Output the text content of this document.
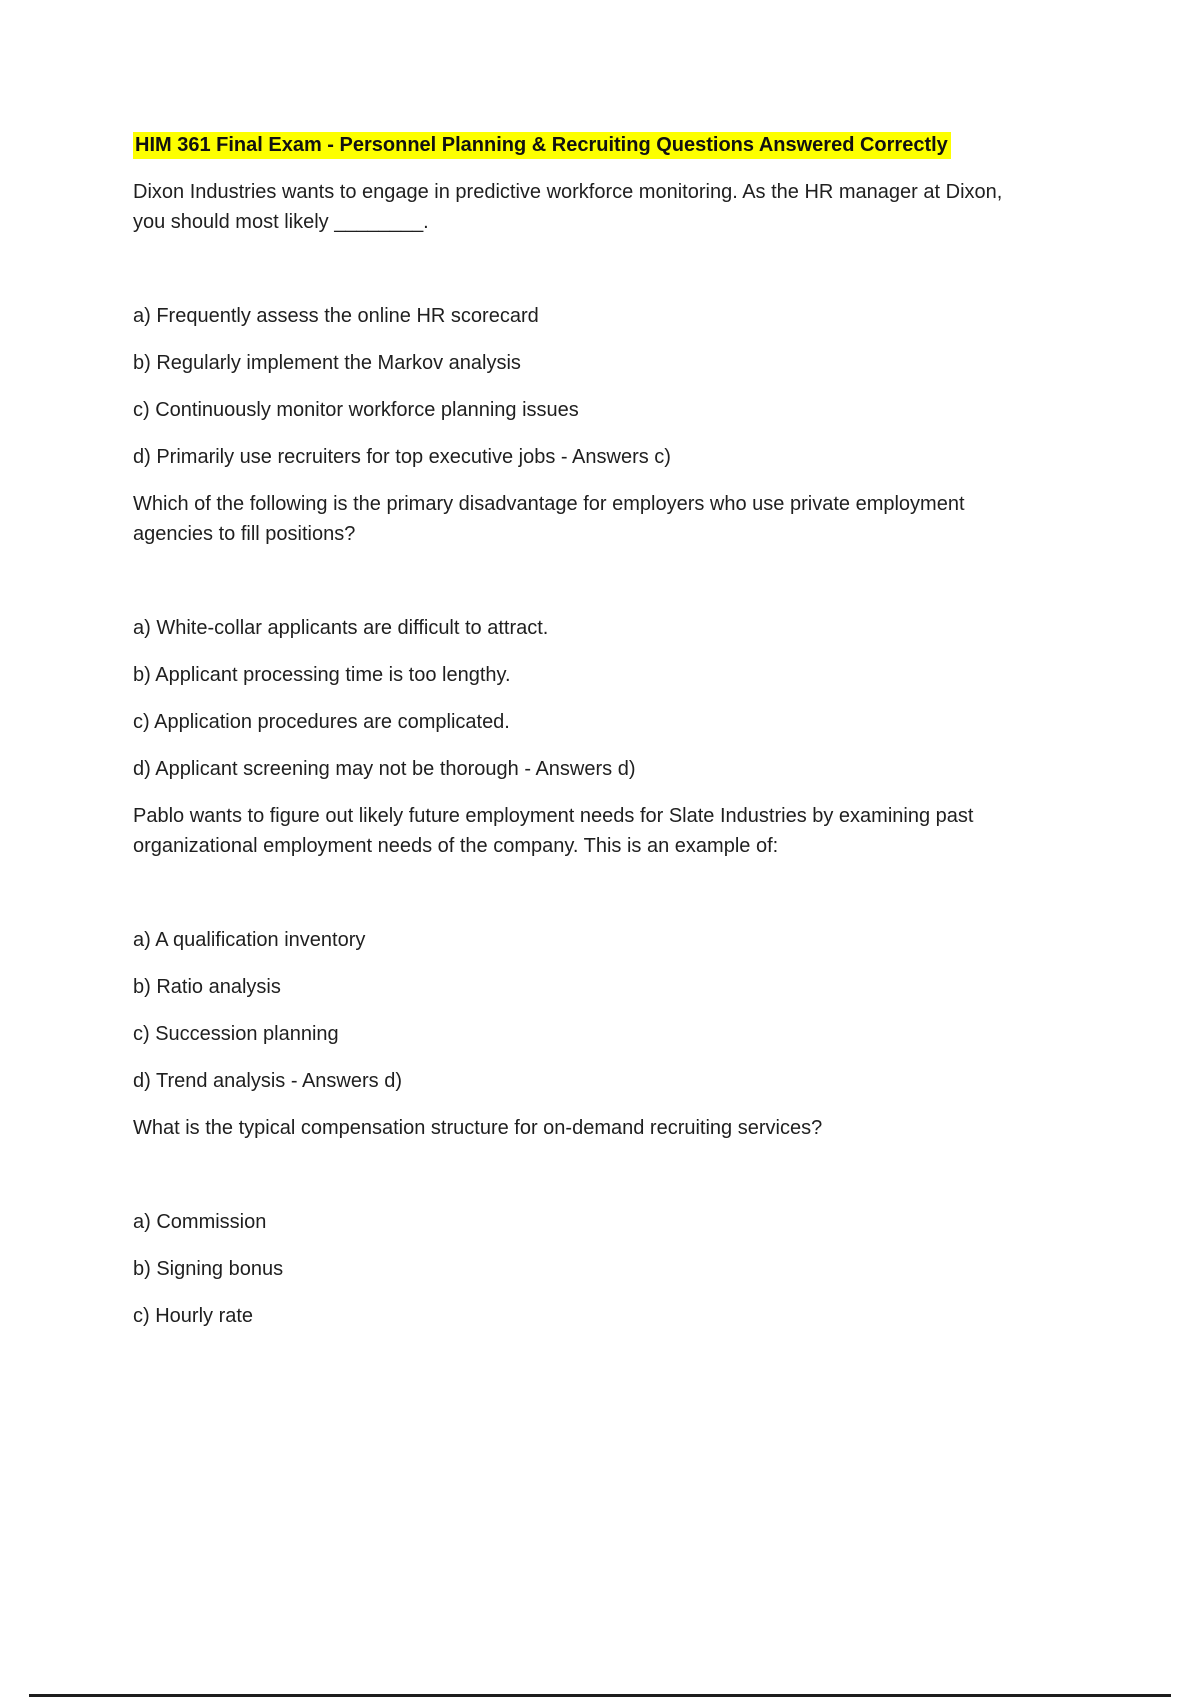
HIM 361 Final Exam - Personnel Planning & Recruiting Questions Answered Correctly

Dixon Industries wants to engage in predictive workforce monitoring. As the HR manager at Dixon, you should most likely ________.

a) Frequently assess the online HR scorecard

b) Regularly implement the Markov analysis

c) Continuously monitor workforce planning issues

d) Primarily use recruiters for top executive jobs - Answers c)

Which of the following is the primary disadvantage for employers who use private employment agencies to fill positions?

a) White-collar applicants are difficult to attract.

b) Applicant processing time is too lengthy.

c) Application procedures are complicated.

d) Applicant screening may not be thorough - Answers d)

Pablo wants to figure out likely future employment needs for Slate Industries by examining past organizational employment needs of the company. This is an example of:

a) A qualification inventory

b) Ratio analysis

c) Succession planning

d) Trend analysis - Answers d)

What is the typical compensation structure for on-demand recruiting services?

a) Commission

b) Signing bonus

c) Hourly rate
